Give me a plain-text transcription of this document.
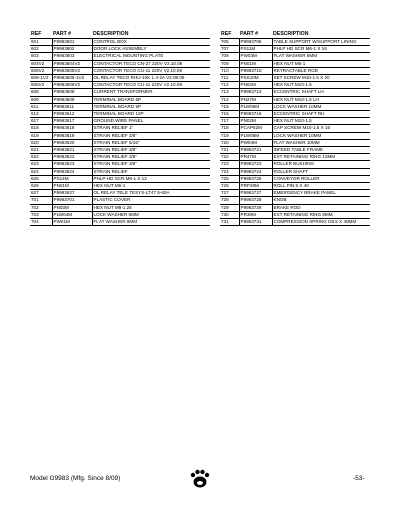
REF	PART #	DESCRIPTION
601	P9983601	CONTROL BOX
602	P9983602	DOOR LOCK ASSEMBLY
603	P9983603	ELECTRICAL MOUNTING PLATE
604V2	P9983604V2	CONTACTOR TECO CN-27 220V V2.10.08
605V2	P9983605V2	CONTACTOR TECO CU-11 220V V2.10.08
606-1V2	P9983606-1V2	OL RELAY TECO RHU-10K 1.4-2A V2.08.09
606V2	P9983606V2	CONTACTOR TECO CU-11 220V V2.10.08
608	P9983608	CURRENT TRANSFORMER
609	P9983609	TERMINAL BOARD 6P
611	P9983611	TERMINAL BOARD 5P
612	P9983612	TERMINAL BOARD 12P
617	P9983617	GROUND WIRE PANEL
618	P9983618	STRAIN RELIEF 1"
619	P9983619	STRAIN RELIEF 3/8"
620	P9983620	STRAIN RELIEF 5/16"
621	P9983621	STRAIN RELIEF 3/8"
622	P9983622	STRAIN RELIEF 3/8"
623	P9983623	STRAIN RELIEF 3/8"
624	P9983624	STRAIN RELIEF
625	PS14M	PHLP HD SCR M6-1 X 12
626	PN01M	HEX NUT M6-1
627	P9983627	OL RELAY TELE TESYS-LT47 5-60A
701	P9983701	PLASTIC COVER
702	PN03M	HEX NUT M8-1.25
703	PLW04M	LOCK WASHER 8MM
704	PW01M	FLAT WASHER 8MM
REF	PART #	DESCRIPTION
705	P9983705	TABLE SUPPORT W/SUPPORT LINING
707	PS11M	PHLP HD SCR M6-1 X 16
708	PW03M	FLAT WASHER 6MM
709	PN01M	HEX NUT M6-1
710	P9983710	RETRACTABLE ROD
711	PSS10M	SET SCREW M10-1.5 X 20
712	PN02M	HEX NUT M10-1.5
713	P9983713	ECCENTRIC SHAFT LH
714	PN27M	HEX NUT M10-1.5 LH
715	PLW06M	LOCK WASHER 10MM
716	P9983716	ECCENTRIC SHAFT RH
717	PN02M	HEX NUT M10-1.5
718	PCAP62M	CAP SCREW M10-1.5 X 16
719	PLW06M	LOCK WASHER 10MM
720	PW04M	FLAT WASHER 10MM
721	P9983721	INFEED TABLE FRAME
722	PR47M	EXT RETAINING RING 13MM
723	P9983723	ROLLER BUSHING
724	P9983724	ROLLER SHAFT
725	P9983725	CONVEYOR ROLLER
726	PRP28M	ROLL PIN 5 X 40
727	P9983727	EMERGENCY BRAKE PANEL
728	P9983728	KNOB
729	P9983729	BRAKE ROD
730	PR39M	EXT RETAINING RING 8MM
731	P9983731	COMPRESSION SPRING D8.5 X 40MM
Model G9983 (Mfg. Since 8/09)	-53-
